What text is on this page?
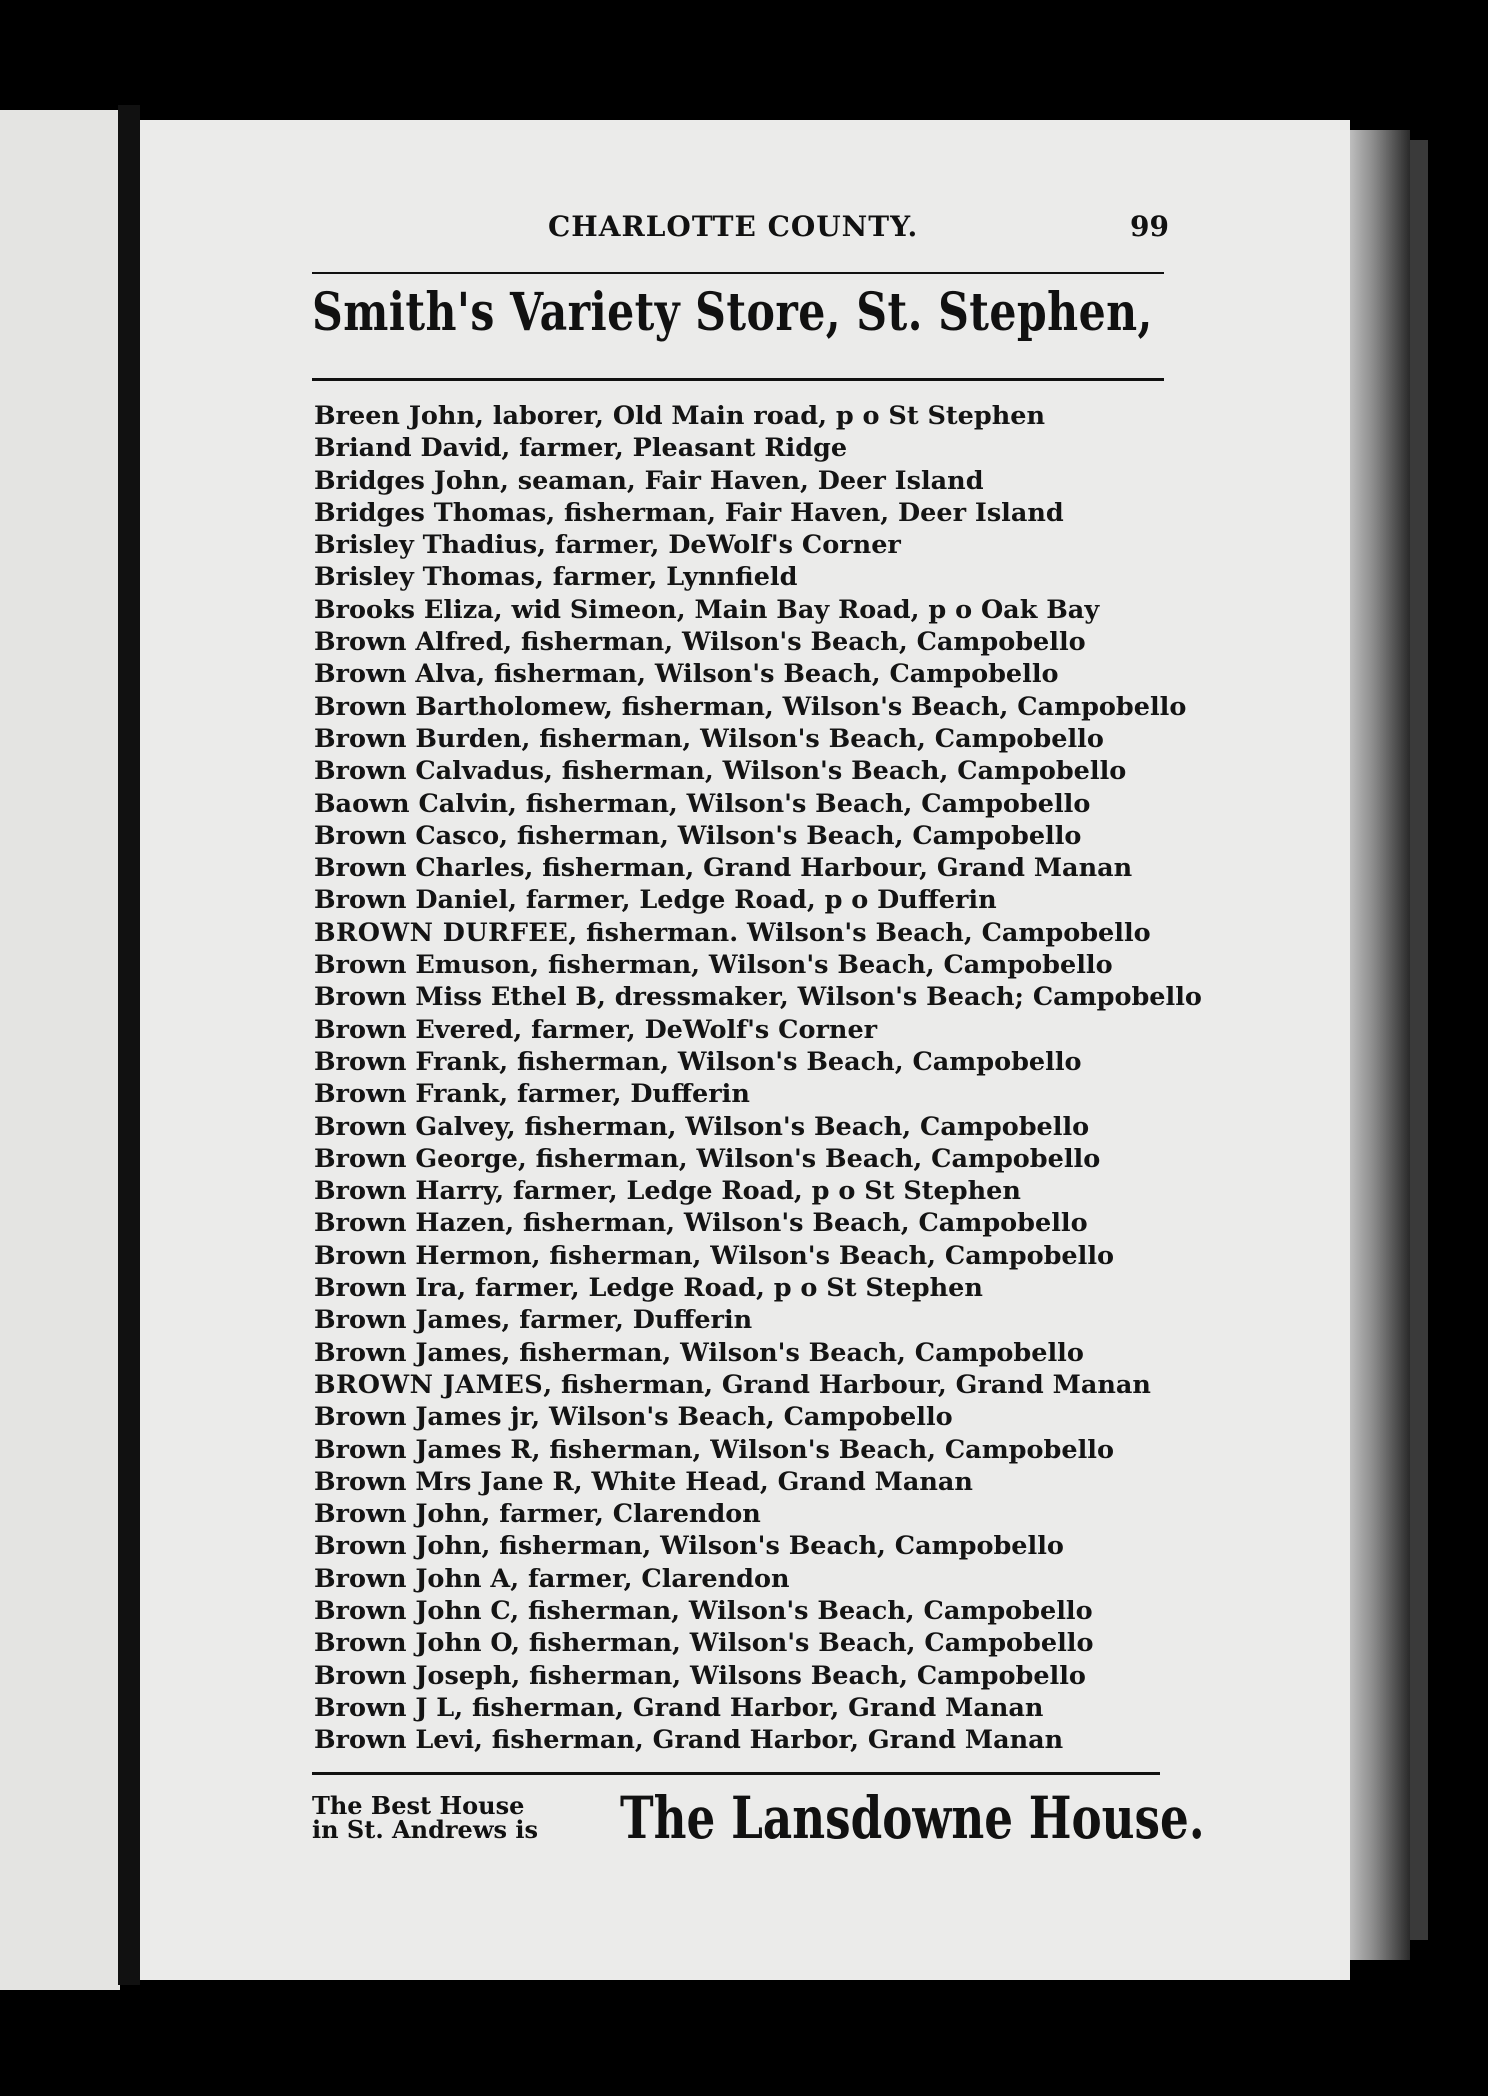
CHARLOTTE COUNTY.	99
Smith's Variety Store, St. Stephen,
Breen John, laborer, Old Main road, p o St Stephen
Briand David, farmer, Pleasant Ridge
Bridges John, seaman, Fair Haven, Deer Island
Bridges Thomas, fisherman, Fair Haven, Deer Island
Brisley Thadius, farmer, DeWolf's Corner
Brisley Thomas, farmer, Lynnfield
Brooks Eliza, wid Simeon, Main Bay Road, p o Oak Bay
Brown Alfred, fisherman, Wilson's Beach, Campobello
Brown Alva, fisherman, Wilson's Beach, Campobello
Brown Bartholomew, fisherman, Wilson's Beach, Campobello
Brown Burden, fisherman, Wilson's Beach, Campobello
Brown Calvadus, fisherman, Wilson's Beach, Campobello
Baown Calvin, fisherman, Wilson's Beach, Campobello
Brown Casco, fisherman, Wilson's Beach, Campobello
Brown Charles, fisherman, Grand Harbour, Grand Manan
Brown Daniel, farmer, Ledge Road, p o Dufferin
BROWN DURFEE, fisherman. Wilson's Beach, Campobello
Brown Emuson, fisherman, Wilson's Beach, Campobello
Brown Miss Ethel B, dressmaker, Wilson's Beach; Campobello
Brown Evered, farmer, DeWolf's Corner
Brown Frank, fisherman, Wilson's Beach, Campobello
Brown Frank, farmer, Dufferin
Brown Galvey, fisherman, Wilson's Beach, Campobello
Brown George, fisherman, Wilson's Beach, Campobello
Brown Harry, farmer, Ledge Road, p o St Stephen
Brown Hazen, fisherman, Wilson's Beach, Campobello
Brown Hermon, fisherman, Wilson's Beach, Campobello
Brown Ira, farmer, Ledge Road, p o St Stephen
Brown James, farmer, Dufferin
Brown James, fisherman, Wilson's Beach, Campobello
BROWN JAMES, fisherman, Grand Harbour, Grand Manan
Brown James jr, Wilson's Beach, Campobello
Brown James R, fisherman, Wilson's Beach, Campobello
Brown Mrs Jane R, White Head, Grand Manan
Brown John, farmer, Clarendon
Brown John, fisherman, Wilson's Beach, Campobello
Brown John A, farmer, Clarendon
Brown John C, fisherman, Wilson's Beach, Campobello
Brown John O, fisherman, Wilson's Beach, Campobello
Brown Joseph, fisherman, Wilsons Beach, Campobello
Brown J L, fisherman, Grand Harbor, Grand Manan
Brown Levi, fisherman, Grand Harbor, Grand Manan
The Best House
in St. Andrews is	The Lansdowne House.
